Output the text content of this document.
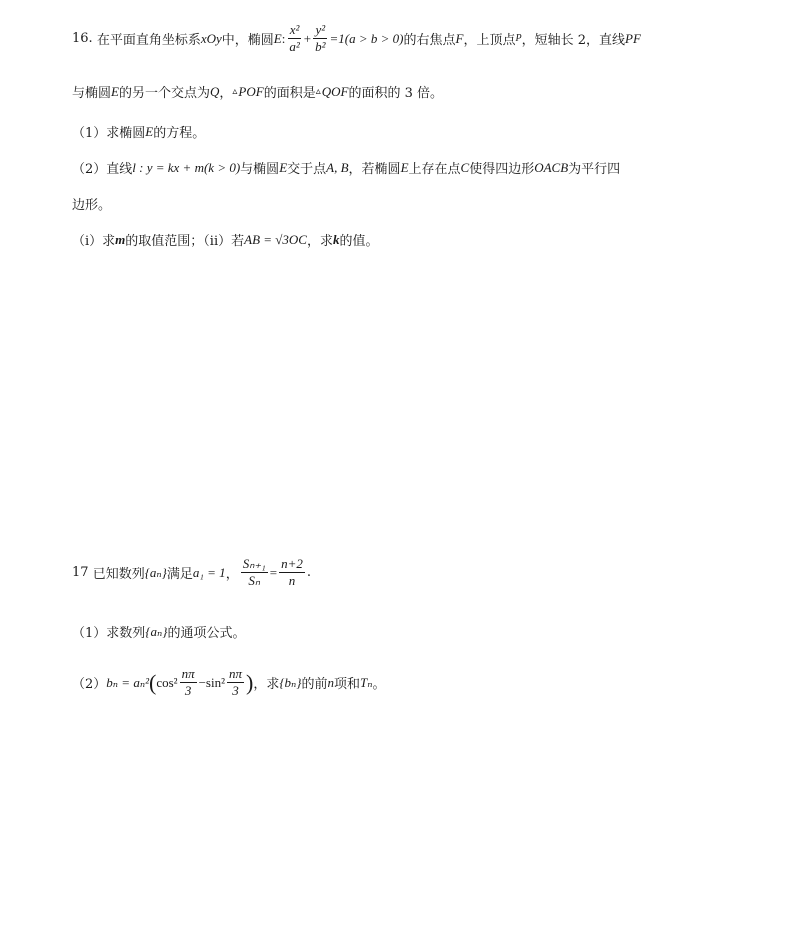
16.
在平面直角坐标系 xOy 中，椭圆 E : $\frac{\text{x²}}{\text{a²}} + \frac{\text{y²}}{\text{b²}} =1(a > b > 0)$ 的右焦点 F ，上顶点 P ，短轴长 2，直线 PF
与椭圆 E 的另一个交点为 Q ， ▵ POF 的面积是 ▵ QOF 的面积的 3 倍。
（1）求椭圆 E 的方程。
（2）直线 l : y = kx + m(k > 0) 与椭圆 E 交于点 A, B ，若椭圆 E 上存在点 C 使得四边形 OACB 为平行四
边形。
（i）求 m 的取值范围；（ii）若 AB = √3OC ，求 k 的值。
17
已知数列 {aₙ} 满足 a₁ = 1 ， $\frac{\text{Sₙ₊₁}}{\text{Sₙ}} = \frac{n+2}{n}$ .
（1）求数列 {aₙ} 的通项公式。
（2） bₙ = aₙ² ( $\cos^2 \frac{n\pi}{3} -\sin^2 \frac{n\pi}{3}$ ) ，求 {bₙ} 的前 n 项和 Tₙ 。
